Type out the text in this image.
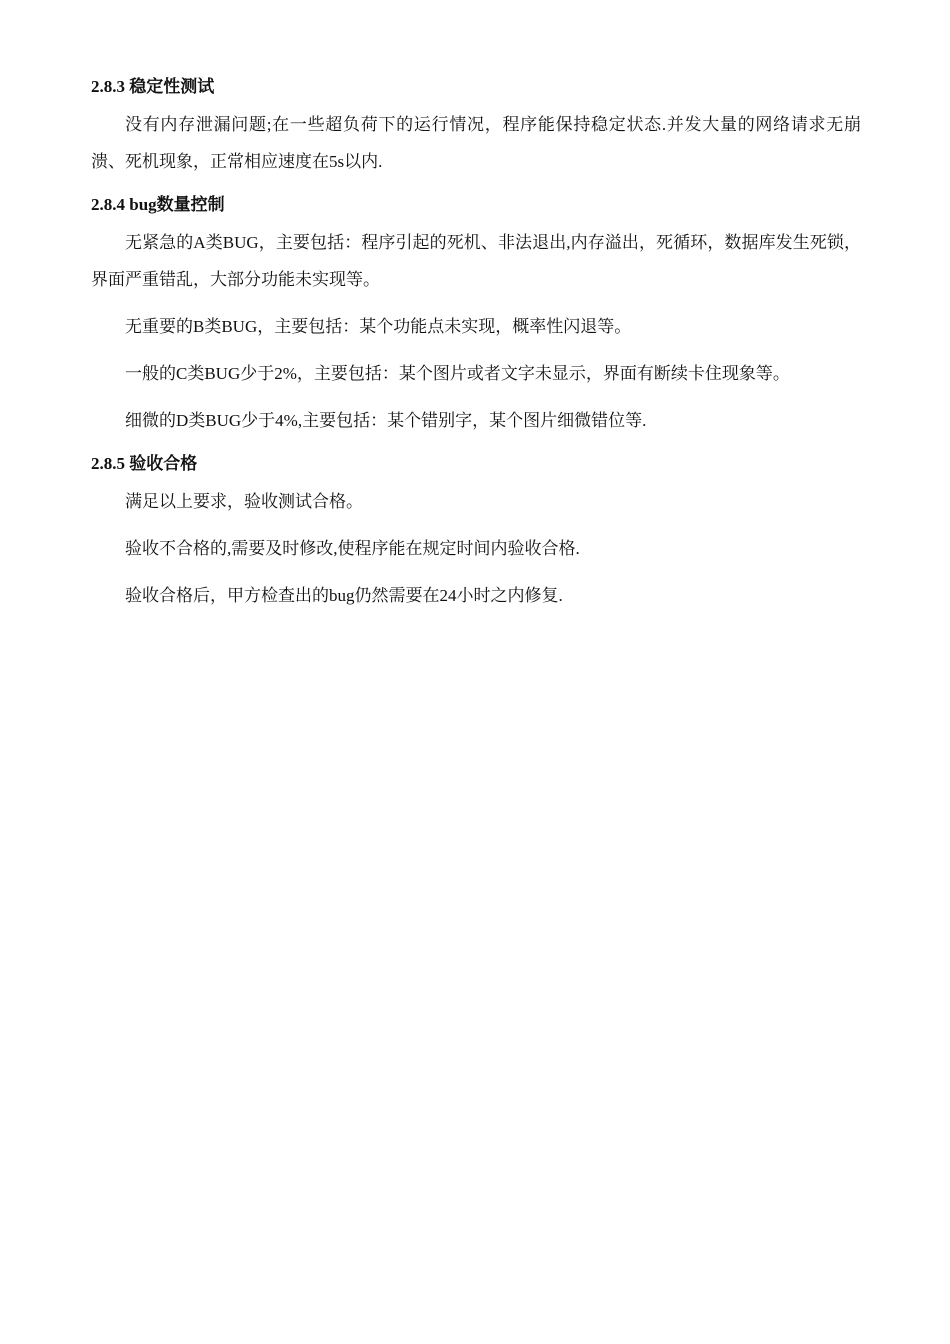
2.8.3 稳定性测试

没有内存泄漏问题;在一些超负荷下的运行情况，程序能保持稳定状态.并发大量的网络请求无崩溃、死机现象，正常相应速度在5s以内.

2.8.4 bug数量控制

无紧急的A类BUG，主要包括：程序引起的死机、非法退出,内存溢出，死循环，数据库发生死锁，界面严重错乱，大部分功能未实现等。

无重要的B类BUG，主要包括：某个功能点未实现，概率性闪退等。

一般的C类BUG少于2%，主要包括：某个图片或者文字未显示，界面有断续卡住现象等。

细微的D类BUG少于4%,主要包括：某个错别字，某个图片细微错位等.

2.8.5 验收合格

满足以上要求，验收测试合格。

验收不合格的,需要及时修改,使程序能在规定时间内验收合格.

验收合格后，甲方检查出的bug仍然需要在24小时之内修复.
